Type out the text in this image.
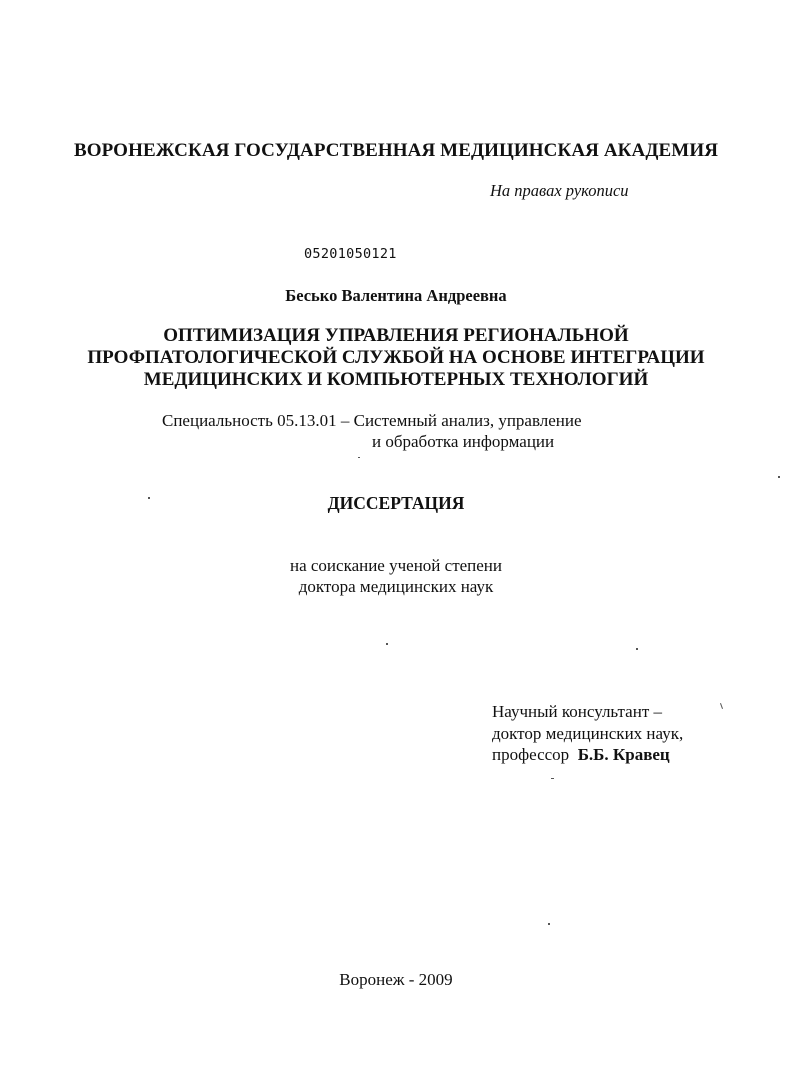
ВОРОНЕЖСКАЯ ГОСУДАРСТВЕННАЯ МЕДИЦИНСКАЯ АКАДЕМИЯ
На правах рукописи
05201050121
Бесько Валентина Андреевна
ОПТИМИЗАЦИЯ УПРАВЛЕНИЯ РЕГИОНАЛЬНОЙ
ПРОФПАТОЛОГИЧЕСКОЙ СЛУЖБОЙ НА ОСНОВЕ ИНТЕГРАЦИИ
МЕДИЦИНСКИХ И КОМПЬЮТЕРНЫХ ТЕХНОЛОГИЙ
Специальность 05.13.01 – Системный анализ, управление
и обработка информации
ДИССЕРТАЦИЯ
на соискание ученой степени
доктора медицинских наук
Научный консультант –
доктор медицинских наук,
профессор Б.Б. Кравец
Воронеж - 2009
